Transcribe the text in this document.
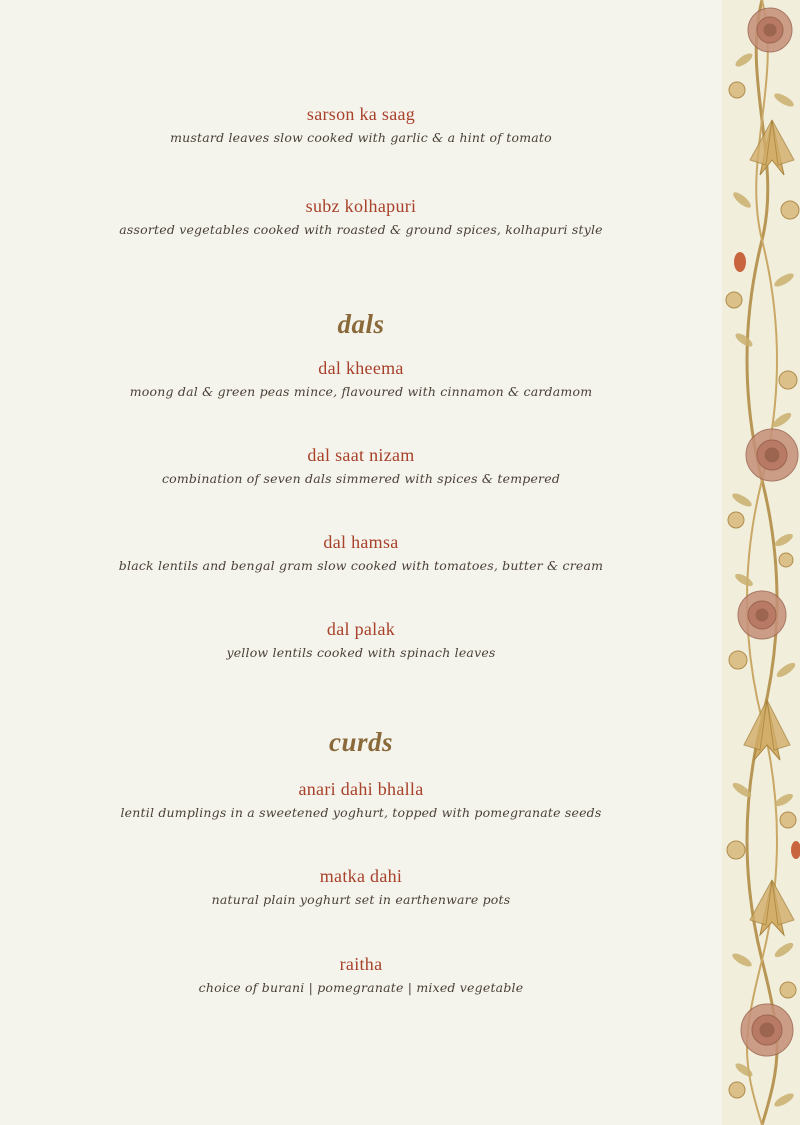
sarson ka saag
mustard leaves slow cooked with garlic & a hint of tomato
subz kolhapuri
assorted vegetables cooked with roasted & ground spices, kolhapuri style
dals
dal kheema
moong dal & green peas mince, flavoured with cinnamon & cardamom
dal saat nizam
combination of seven dals simmered with spices & tempered
dal hamsa
black lentils and bengal gram slow cooked with tomatoes, butter & cream
dal palak
yellow lentils cooked with spinach leaves
curds
anari dahi bhalla
lentil dumplings in a sweetened yoghurt, topped with pomegranate seeds
matka dahi
natural plain yoghurt set in earthenware pots
raitha
choice of burani | pomegranate | mixed vegetable
